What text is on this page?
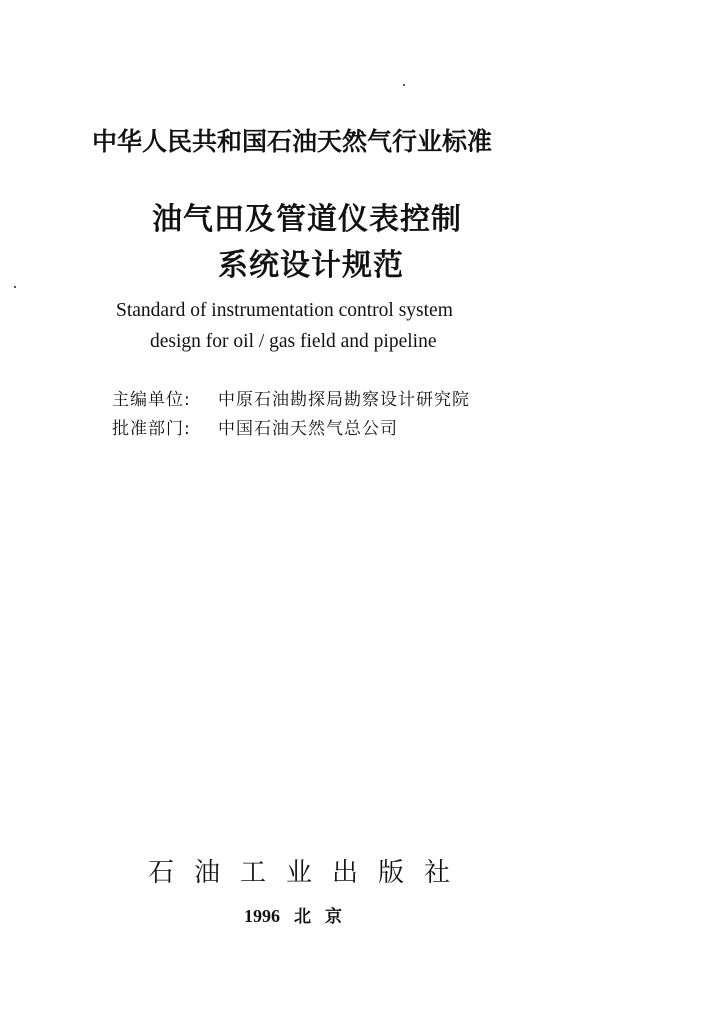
中华人民共和国石油天然气行业标准
油气田及管道仪表控制
系统设计规范
Standard of instrumentation control system
design for oil / gas field and pipeline
主编单位: 中原石油勘探局勘察设计研究院
批准部门: 中国石油天然气总公司
石油工业出版社
1996 北京
